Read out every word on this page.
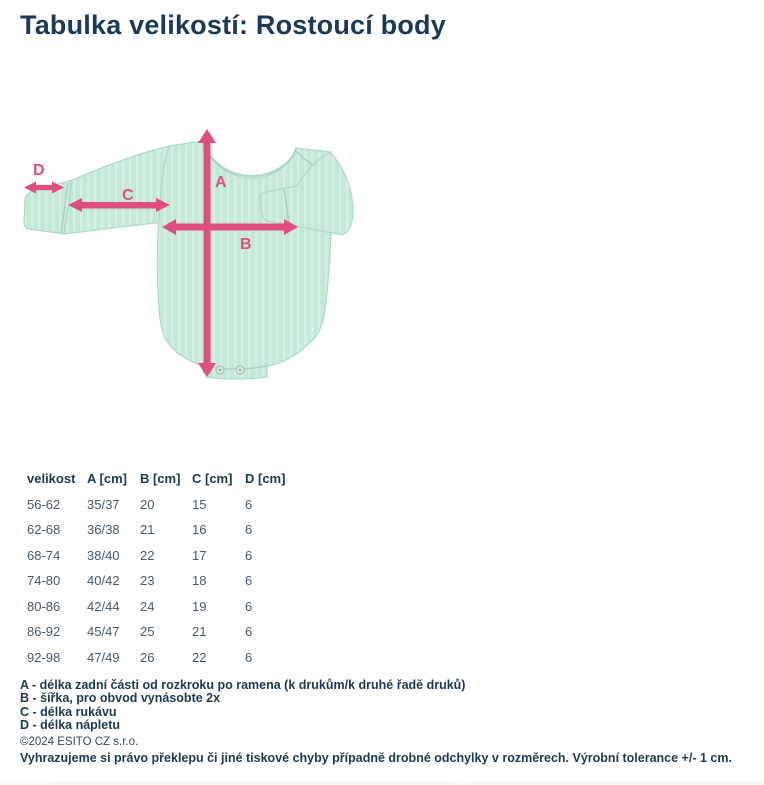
Tabulka velikostí: Rostoucí body
A
B
C
D
velikost	A [cm]	B [cm]	C [cm]	D [cm]
56-62	35/37	20	15	6
62-68	36/38	21	16	6
68-74	38/40	22	17	6
74-80	40/42	23	18	6
80-86	42/44	24	19	6
86-92	45/47	25	21	6
92-98	47/49	26	22	6
A - délka zadní části od rozkroku po ramena (k drukům/k druhé řadě druků)
B - šířka, pro obvod vynásobte 2x
C - délka rukávu
D - délka nápletu
©2024 ESITO CZ s.r.o.
Vyhrazujeme si právo překlepu či jiné tiskové chyby případně drobné odchylky v rozměrech. Výrobní tolerance +/- 1 cm.
